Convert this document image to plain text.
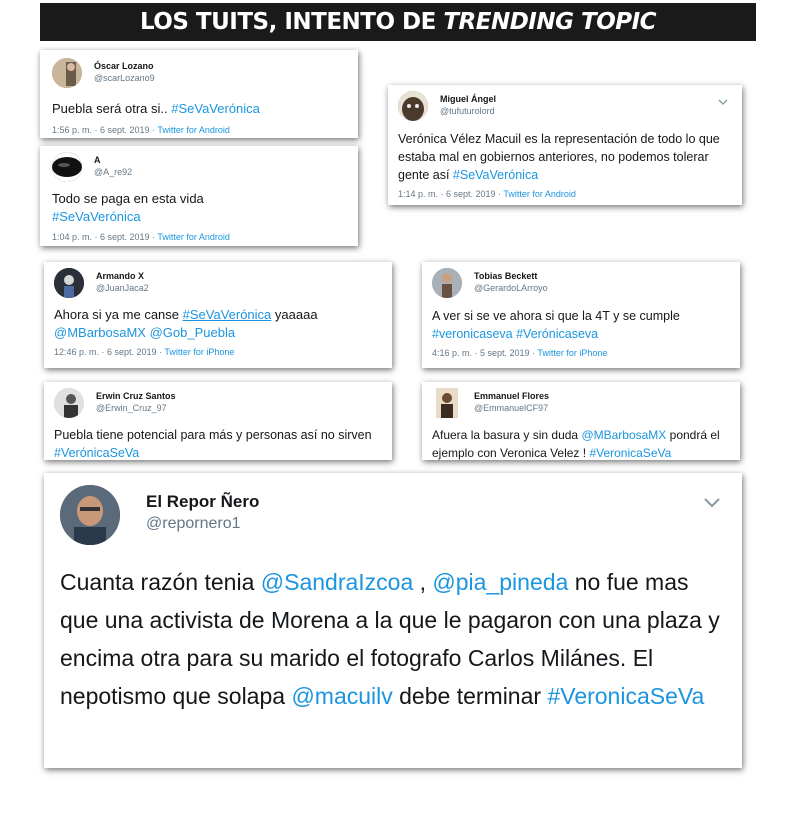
LOS TUITS, INTENTO DE TRENDING TOPIC
Óscar Lozano
@scarLozano9
Puebla será otra si.. #SeVaVerónica
1:56 p. m. · 6 sept. 2019 · Twitter for Android
A
@A_re92
Todo se paga en esta vida
#SeVaVerónica
1:04 p. m. · 6 sept. 2019 · Twitter for Android
Miguel Ángel
@tufuturolord
Verónica Vélez Macuil es la representación de todo lo que estaba mal en gobiernos anteriores, no podemos tolerar gente así #SeVaVerónica
1:14 p. m. · 6 sept. 2019 · Twitter for Android
Armando X
@JuanJaca2
Ahora si ya me canse #SeVaVerónica yaaaaa
@MBarbosaMX @Gob_Puebla
12:46 p. m. · 6 sept. 2019 · Twitter for iPhone
Tobias Beckett
@GerardoLArroyo
A ver si se ve ahora si que la 4T y se cumple
#veronicaseva #Verónicaseva
4:16 p. m. · 5 sept. 2019 · Twitter for iPhone
Erwin Cruz Santos
@Erwin_Cruz_97
Puebla tiene potencial para más y personas así no sirven #VerónicaSeVa
Emmanuel Flores
@EmmanuelCF97
Afuera la basura y sin duda @MBarbosaMX pondrá el ejemplo con Veronica Velez ! #VeronicaSeVa
El Repor Ñero
@repornero1
Cuanta razón tenia @SandraIzcoa , @pia_pineda no fue mas que una activista de Morena a la que le pagaron con una plaza y encima otra para su marido el fotografo Carlos Milánes. El nepotismo que solapa @macuilv debe terminar #VeronicaSeVa
